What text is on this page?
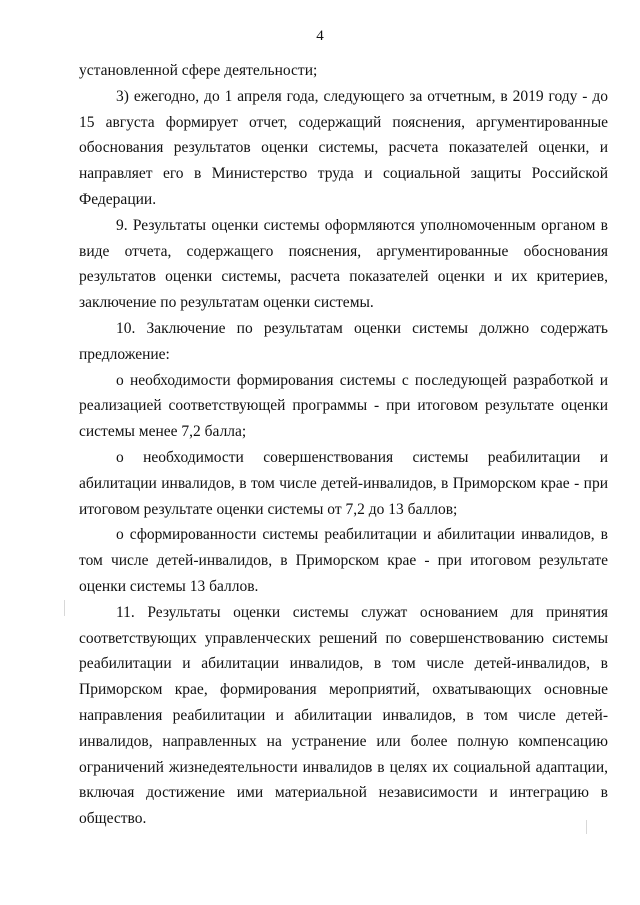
4

установленной сфере деятельности;

3) ежегодно, до 1 апреля года, следующего за отчетным, в 2019 году - до 15 августа формирует отчет, содержащий пояснения, аргументированные обоснования результатов оценки системы, расчета показателей оценки, и направляет его в Министерство труда и социальной защиты Российской Федерации.

9. Результаты оценки системы оформляются уполномоченным органом в виде отчета, содержащего пояснения, аргументированные обоснования результатов оценки системы, расчета показателей оценки и их критериев, заключение по результатам оценки системы.

10. Заключение по результатам оценки системы должно содержать предложение:

о необходимости формирования системы с последующей разработкой и реализацией соответствующей программы - при итоговом результате оценки системы менее 7,2 балла;

о необходимости совершенствования системы реабилитации и абилитации инвалидов, в том числе детей-инвалидов, в Приморском крае - при итоговом результате оценки системы от 7,2 до 13 баллов;

о сформированности системы реабилитации и абилитации инвалидов, в том числе детей-инвалидов, в Приморском крае - при итоговом результате оценки системы 13 баллов.

11. Результаты оценки системы служат основанием для принятия соответствующих управленческих решений по совершенствованию системы реабилитации и абилитации инвалидов, в том числе детей-инвалидов, в Приморском крае, формирования мероприятий, охватывающих основные направления реабилитации и абилитации инвалидов, в том числе детей-инвалидов, направленных на устранение или более полную компенсацию ограничений жизнедеятельности инвалидов в целях их социальной адаптации, включая достижение ими материальной независимости и интеграцию в общество.
